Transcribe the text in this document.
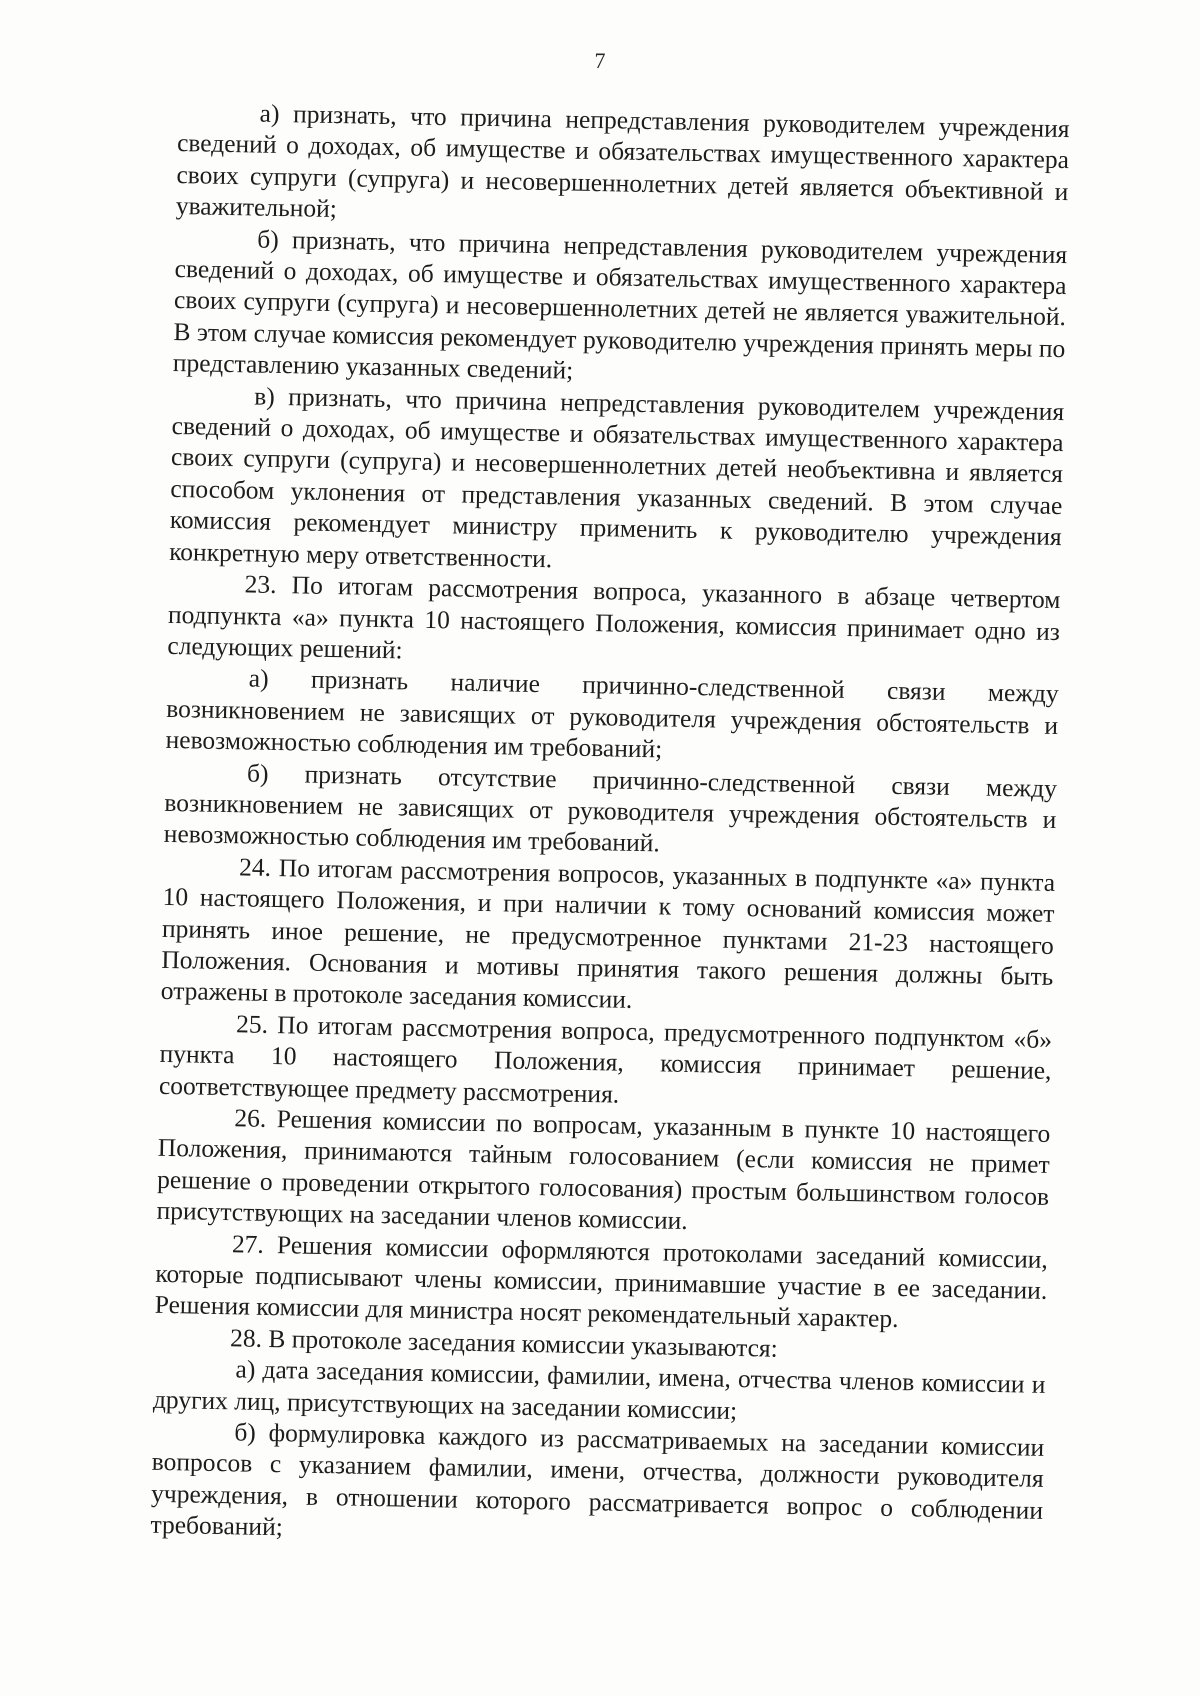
7

а) признать, что причина непредставления руководителем учреждения сведений о доходах, об имуществе и обязательствах имущественного характера своих супруги (супруга) и несовершеннолетних детей является объективной и уважительной;

б) признать, что причина непредставления руководителем учреждения сведений о доходах, об имуществе и обязательствах имущественного характера своих супруги (супруга) и несовершеннолетних детей не является уважительной. В этом случае комиссия рекомендует руководителю учреждения принять меры по представлению указанных сведений;

в) признать, что причина непредставления руководителем учреждения сведений о доходах, об имуществе и обязательствах имущественного характера своих супруги (супруга) и несовершеннолетних детей необъективна и является способом уклонения от представления указанных сведений. В этом случае комиссия рекомендует министру применить к руководителю учреждения конкретную меру ответственности.

23. По итогам рассмотрения вопроса, указанного в абзаце четвертом подпункта «а» пункта 10 настоящего Положения, комиссия принимает одно из следующих решений:

а) признать наличие причинно-следственной связи между возникновением не зависящих от руководителя учреждения обстоятельств и невозможностью соблюдения им требований;

б) признать отсутствие причинно-следственной связи между возникновением не зависящих от руководителя учреждения обстоятельств и невозможностью соблюдения им требований.

24. По итогам рассмотрения вопросов, указанных в подпункте «а» пункта 10 настоящего Положения, и при наличии к тому оснований комиссия может принять иное решение, не предусмотренное пунктами 21-23 настоящего Положения. Основания и мотивы принятия такого решения должны быть отражены в протоколе заседания комиссии.

25. По итогам рассмотрения вопроса, предусмотренного подпунктом «б» пункта 10 настоящего Положения, комиссия принимает решение, соответствующее предмету рассмотрения.

26. Решения комиссии по вопросам, указанным в пункте 10 настоящего Положения, принимаются тайным голосованием (если комиссия не примет решение о проведении открытого голосования) простым большинством голосов присутствующих на заседании членов комиссии.

27. Решения комиссии оформляются протоколами заседаний комиссии, которые подписывают члены комиссии, принимавшие участие в ее заседании. Решения комиссии для министра носят рекомендательный характер.

28. В протоколе заседания комиссии указываются:

а) дата заседания комиссии, фамилии, имена, отчества членов комиссии и других лиц, присутствующих на заседании комиссии;

б) формулировка каждого из рассматриваемых на заседании комиссии вопросов с указанием фамилии, имени, отчества, должности руководителя учреждения, в отношении которого рассматривается вопрос о соблюдении требований;
